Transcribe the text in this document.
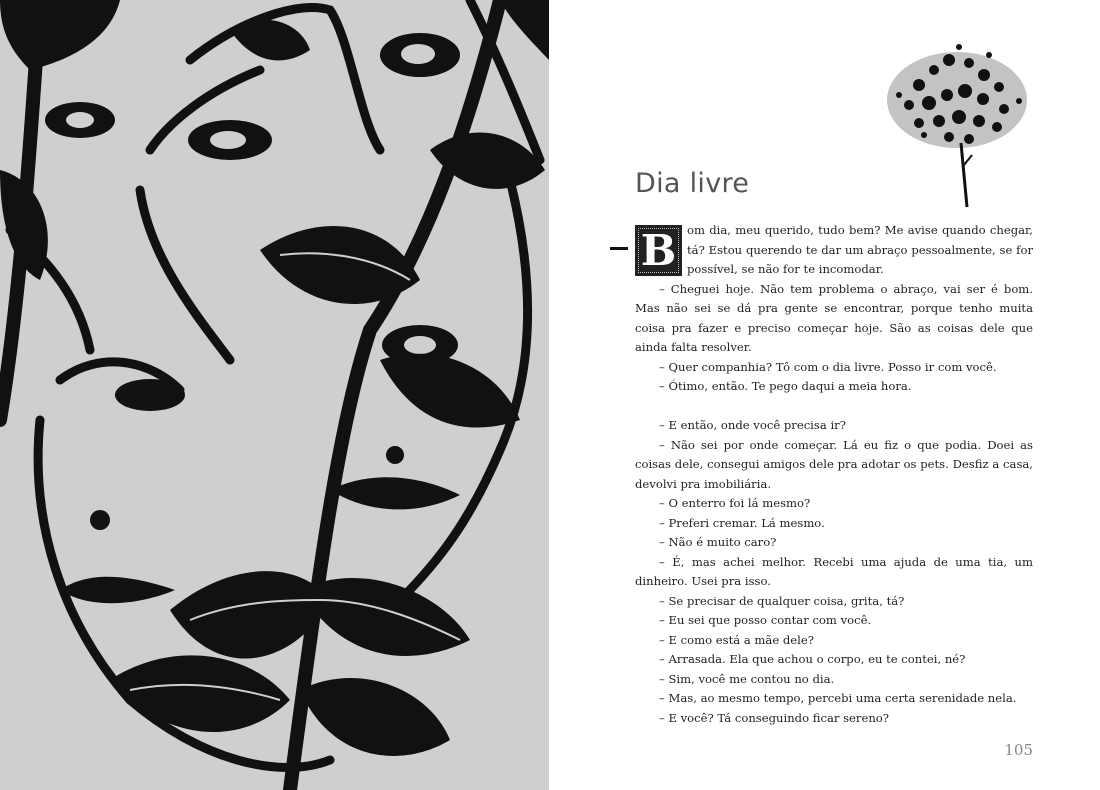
Dia livre

B om dia, meu querido, tudo bem? Me avise quando chegar, tá? Estou querendo te dar um abraço pessoalmente, se for possível, se não for te incomodar.

– Cheguei hoje. Não tem problema o abraço, vai ser é bom. Mas não sei se dá pra gente se encontrar, porque tenho muita coisa pra fazer e preciso começar hoje. São as coisas dele que ainda falta resolver.

– Quer companhia? Tô com o dia livre. Posso ir com você.

– Ótimo, então. Te pego daqui a meia hora.

– E então, onde você precisa ir?

– Não sei por onde começar. Lá eu fiz o que podia. Doei as coisas dele, consegui amigos dele pra adotar os pets. Desfiz a casa, devolvi pra imobiliária.

– O enterro foi lá mesmo?

– Preferi cremar. Lá mesmo.

– Não é muito caro?

– É, mas achei melhor. Recebi uma ajuda de uma tia, um dinheiro. Usei pra isso.

– Se precisar de qualquer coisa, grita, tá?

– Eu sei que posso contar com você.

– E como está a mãe dele?

– Arrasada. Ela que achou o corpo, eu te contei, né?

– Sim, você me contou no dia.

– Mas, ao mesmo tempo, percebi uma certa serenidade nela.

– E você? Tá conseguindo ficar sereno?

105
